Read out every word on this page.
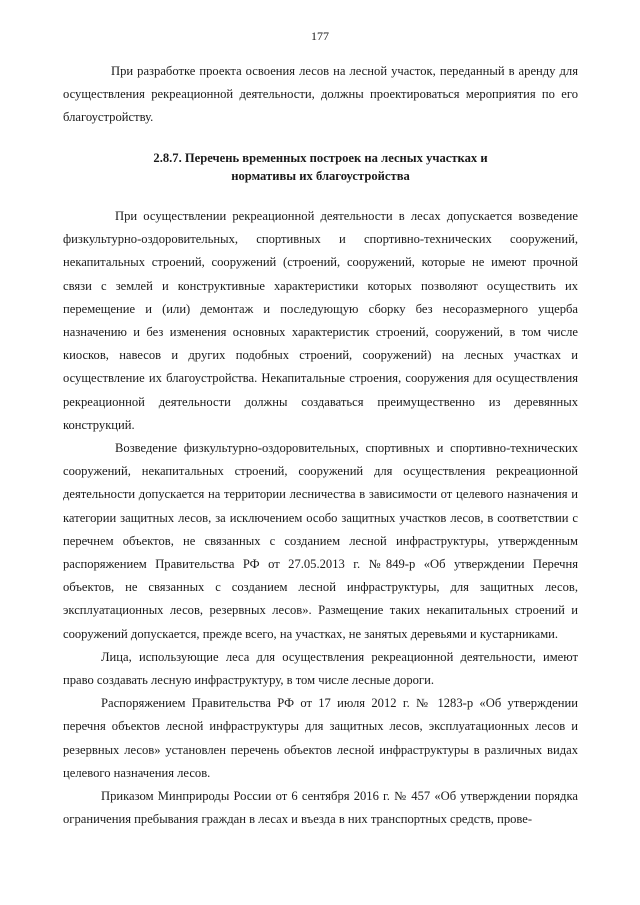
177

При разработке проекта освоения лесов на лесной участок, переданный в аренду для осуществления рекреационной деятельности, должны проектироваться мероприятия по его благоустройству.

2.8.7. Перечень временных построек на лесных участках и
нормативы их благоустройства

При осуществлении рекреационной деятельности в лесах допускается возведение физкультурно-оздоровительных, спортивных и спортивно-технических сооружений, некапитальных строений, сооружений (строений, сооружений, которые не имеют прочной связи с землей и конструктивные характеристики которых позволяют осуществить их перемещение и (или) демонтаж и последующую сборку без несоразмерного ущерба назначению и без изменения основных характеристик строений, сооружений, в том числе киосков, навесов и других подобных строений, сооружений) на лесных участках и осуществление их благоустройства. Некапитальные строения, сооружения для осуществления рекреационной деятельности должны создаваться преимущественно из деревянных конструкций.

Возведение физкультурно-оздоровительных, спортивных и спортивно-технических сооружений, некапитальных строений, сооружений для осуществления рекреационной деятельности допускается на территории лесничества в зависимости от целевого назначения и категории защитных лесов, за исключением особо защитных участков лесов, в соответствии с перечнем объектов, не связанных с созданием лесной инфраструктуры, утвержденным распоряжением Правительства РФ от 27.05.2013 г. №849-р «Об утверждении Перечня объектов, не связанных с созданием лесной инфраструктуры, для защитных лесов, эксплуатационных лесов, резервных лесов». Размещение таких некапитальных строений и сооружений допускается, прежде всего, на участках, не занятых деревьями и кустарниками.

Лица, использующие леса для осуществления рекреационной деятельности, имеют право создавать лесную инфраструктуру, в том числе лесные дороги.

Распоряжением Правительства РФ от 17 июля 2012 г. № 1283-р «Об утверждении перечня объектов лесной инфраструктуры для защитных лесов, эксплуатационных лесов и резервных лесов» установлен перечень объектов лесной инфраструктуры в различных видах целевого назначения лесов.

Приказом Минприроды России от 6 сентября 2016 г. № 457 «Об утверждении порядка ограничения пребывания граждан в лесах и въезда в них транспортных средств, прове-
